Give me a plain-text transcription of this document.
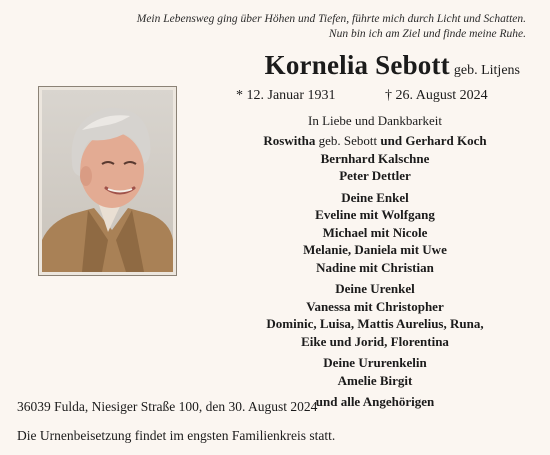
Mein Lebensweg ging über Höhen und Tiefen, führte mich durch Licht und Schatten.
Nun bin ich am Ziel und finde meine Ruhe.
Kornelia Sebott geb. Litjens
* 12. Januar 1931	† 26. August 2024
In Liebe und Dankbarkeit
Roswitha geb. Sebott und Gerhard Koch
Bernhard Kalschne
Peter Dettler
Deine Enkel
Eveline mit Wolfgang
Michael mit Nicole
Melanie, Daniela mit Uwe
Nadine mit Christian
Deine Urenkel
Vanessa mit Christopher
Dominic, Luisa, Mattis Aurelius, Runa,
Eike und Jorid, Florentina
Deine Ururenkelin
Amelie Birgit
und alle Angehörigen
36039 Fulda, Niesiger Straße 100, den 30. August 2024
Die Urnenbeisetzung findet im engsten Familienkreis statt.
